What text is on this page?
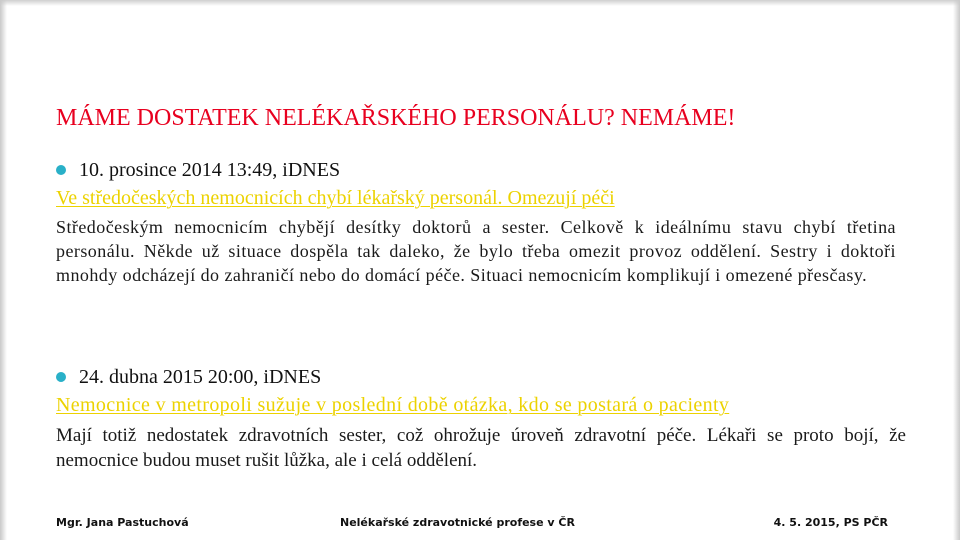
MÁME DOSTATEK NELÉKAŘSKÉHO PERSONÁLU? NEMÁME!
10. prosince 2014 13:49, iDNES
Ve středočeských nemocnicích chybí lékařský personál. Omezují péči
Středočeským nemocnicím chybějí desítky doktorů a sester. Celkově k ideálnímu stavu chybí třetina personálu. Někde už situace dospěla tak daleko, že bylo třeba omezit provoz oddělení. Sestry i doktoři mnohdy odcházejí do zahraničí nebo do domácí péče. Situaci nemocnicím komplikují i omezené přesčasy.
24. dubna 2015 20:00, iDNES
Nemocnice v metropoli sužuje v poslední době otázka, kdo se postará o pacienty
Mají totiž nedostatek zdravotních sester, což ohrožuje úroveň zdravotní péče. Lékaři se proto bojí, že nemocnice budou muset rušit lůžka, ale i celá oddělení.
Mgr. Jana Pastuchová	Nelékařské zdravotnické profese v ČR	4. 5. 2015, PS PČR
